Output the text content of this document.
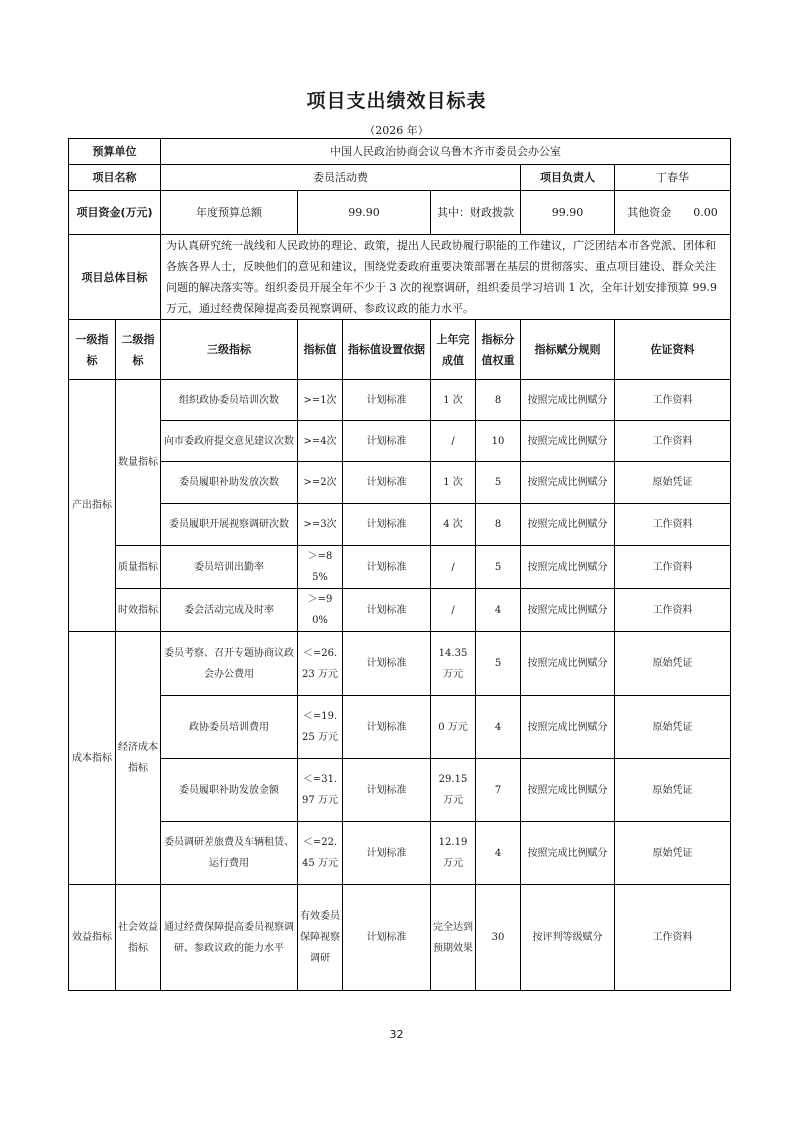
项目支出绩效目标表
（2026 年）
预算单位		中国人民政治协商会议乌鲁木齐市委员会办公室						
项目名称		委员活动费					项目负责人	丁春华
项目资金(万元)		年度预算总额	99.90		其中：财政拨款		99.90	其他资金　　 0.00
项目总体目标		为认真研究统一战线和人民政协的理论、政策，提出人民政协履行职能的工作建议，广泛团结本市各党派、团体和各族各界人士，反映他们的意见和建议，围绕党委政府重要决策部署在基层的贯彻落实、重点项目建设、群众关注问题的解决落实等。组织委员开展全年不少于 3 次的视察调研，组织委员学习培训 1 次，全年计划安排预算 99.9 万元，通过经费保障提高委员视察调研、参政议政的能力水平。						
一级指标	二级指标	三级指标	指标值	指标值设置依据	上年完成值	指标分值权重	指标赋分规则	佐证资料
产出指标	数量指标	组织政协委员培训次数	>=1次	计划标准	1 次	8	按照完成比例赋分	工作资料
		向市委政府提交意见建议次数	>=4次	计划标准	/	10	按照完成比例赋分	工作资料
		委员履职补助发放次数	>=2次	计划标准	1 次	5	按照完成比例赋分	原始凭证
		委员履职开展视察调研次数	>=3次	计划标准	4 次	8	按照完成比例赋分	工作资料
	质量指标	委员培训出勤率	＞=85%	计划标准	/	5	按照完成比例赋分	工作资料
	时效指标	委会活动完成及时率	＞=90%	计划标准	/	4	按照完成比例赋分	工作资料
成本指标	经济成本指标	委员考察、召开专题协商议政会办公费用	＜=26.23 万元	计划标准	14.35 万元	5	按照完成比例赋分	原始凭证
		政协委员培训费用	＜=19.25 万元	计划标准	0 万元	4	按照完成比例赋分	原始凭证
		委员履职补助发放金额	＜=31.97 万元	计划标准	29.15 万元	7	按照完成比例赋分	原始凭证
		委员调研差旅费及车辆租赁、运行费用	＜=22.45 万元	计划标准	12.19 万元	4	按照完成比例赋分	原始凭证
效益指标	社会效益指标	通过经费保障提高委员视察调研、参政议政的能力水平	有效委员保障视察调研	计划标准	完全达到预期效果	30	按评判等级赋分	工作资料
32
